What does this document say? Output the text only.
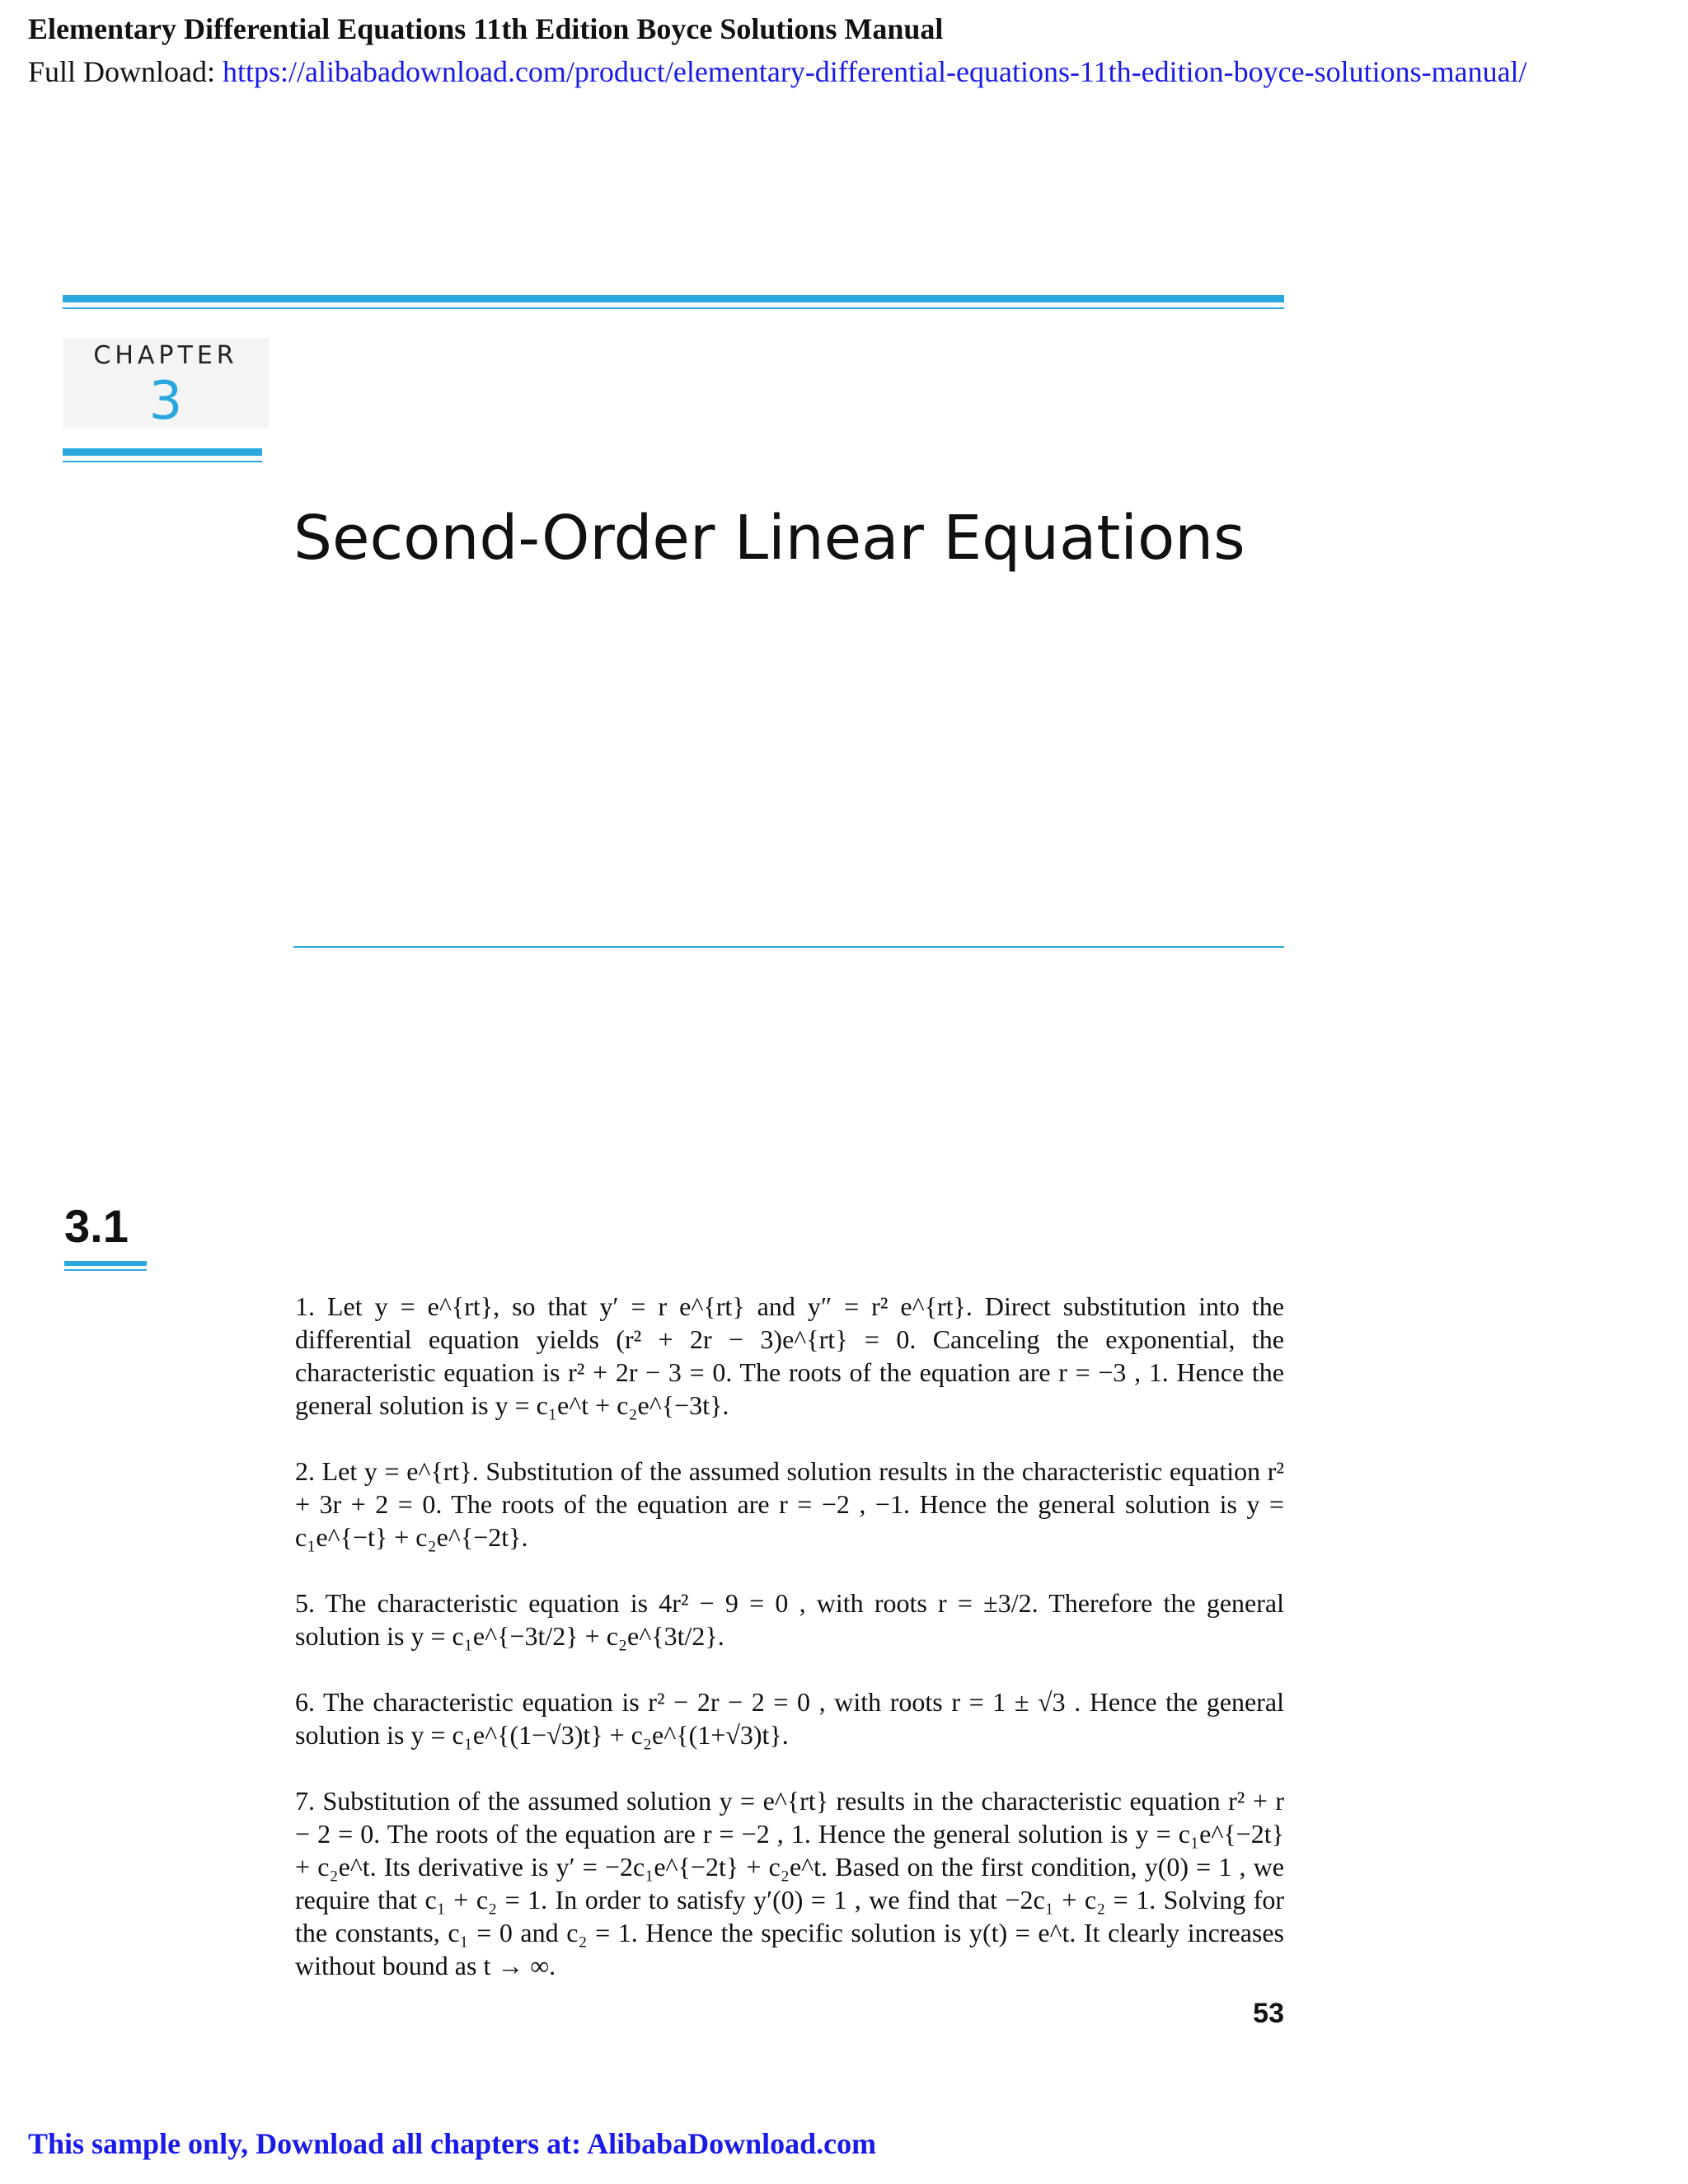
Elementary Differential Equations 11th Edition Boyce Solutions Manual
Full Download: https://alibabadownload.com/product/elementary-differential-equations-11th-edition-boyce-solutions-manual/
CHAPTER
3
Second-Order Linear Equations
3.1

1. Let y = e^{rt}, so that y′ = r e^{rt} and y″ = r² e^{rt}. Direct substitution into the differential equation yields (r² + 2r − 3)e^{rt} = 0. Canceling the exponential, the characteristic equation is r² + 2r − 3 = 0. The roots of the equation are r = −3 , 1. Hence the general solution is y = c₁e^t + c₂e^{−3t}.

2. Let y = e^{rt}. Substitution of the assumed solution results in the characteristic equation r² + 3r + 2 = 0. The roots of the equation are r = −2 , −1. Hence the general solution is y = c₁e^{−t} + c₂e^{−2t}.

5. The characteristic equation is 4r² − 9 = 0 , with roots r = ±3/2. Therefore the general solution is y = c₁e^{−3t/2} + c₂e^{3t/2}.

6. The characteristic equation is r² − 2r − 2 = 0 , with roots r = 1 ± √3 . Hence the general solution is y = c₁e^{(1−√3)t} + c₂e^{(1+√3)t}.

7. Substitution of the assumed solution y = e^{rt} results in the characteristic equation r² + r − 2 = 0. The roots of the equation are r = −2 , 1. Hence the general solution is y = c₁e^{−2t} + c₂e^t. Its derivative is y′ = −2c₁e^{−2t} + c₂e^t. Based on the first condition, y(0) = 1 , we require that c₁ + c₂ = 1. In order to satisfy y′(0) = 1 , we find that −2c₁ + c₂ = 1. Solving for the constants, c₁ = 0 and c₂ = 1. Hence the specific solution is y(t) = e^t. It clearly increases without bound as t → ∞.

53
This sample only, Download all chapters at: AlibabaDownload.com
